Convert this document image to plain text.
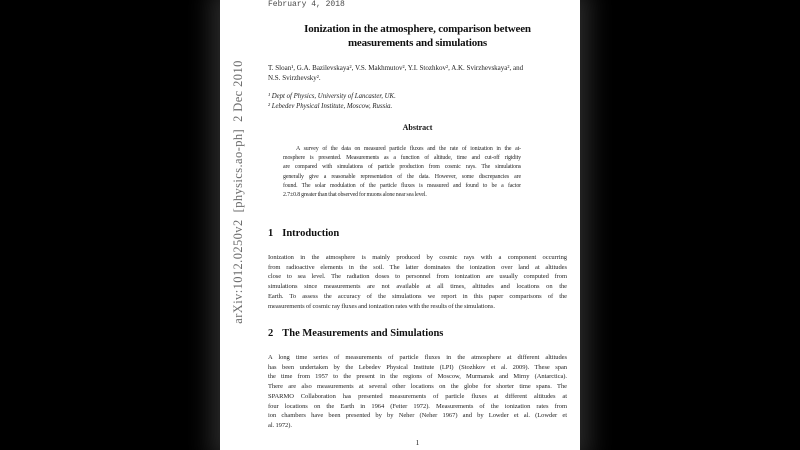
arXiv:1012.0250v2  [physics.ao-ph]  2 Dec 2010
February 4, 2018
Ionization in the atmosphere, comparison between
measurements and simulations
T. Sloan¹, G.A. Bazilevskaya², V.S. Makhmutov², Y.I. Stozhkov², A.K. Svirzhevskaya², and
N.S. Svirzhevsky².
¹ Dept of Physics, University of Lancaster, UK.
² Lebedev Physical Institute, Moscow, Russia.
Abstract
A survey of the data on measured particle fluxes and the rate of ionization in the at-
mosphere is presented. Measurements as a function of altitude, time and cut-off rigidity
are compared with simulations of particle production from cosmic rays. The simulations
generally give a reasonable representation of the data. However, some discrepancies are
found. The solar modulation of the particle fluxes is measured and found to be a factor
2.7±0.8 greater than that observed for muons alone near sea level.
1 Introduction
Ionization in the atmosphere is mainly produced by cosmic rays with a component occurring
from radioactive elements in the soil. The latter dominates the ionization over land at altitudes
close to sea level. The radiation doses to personnel from ionization are usually computed from
simulations since measurements are not available at all times, altitudes and locations on the
Earth. To assess the accuracy of the simulations we report in this paper comparisons of the
measurements of cosmic ray fluxes and ionization rates with the results of the simulations.
2 The Measurements and Simulations
A long time series of measurements of particle fluxes in the atmosphere at different altitudes
has been undertaken by the Lebedev Physical Institute (LPI) (Stozhkov et al. 2009). These span
the time from 1957 to the present in the regions of Moscow, Murmansk and Mirny (Antarctica).
There are also measurements at several other locations on the globe for shorter time spans. The
SPARMO Collaboration has presented measurements of particle fluxes at different altitudes at
four locations on the Earth in 1964 (Feiter 1972). Measurements of the ionization rates from
ion chambers have been presented by by Neher (Neher 1967) and by Lowder et al. (Lowder et
al. 1972).
1
